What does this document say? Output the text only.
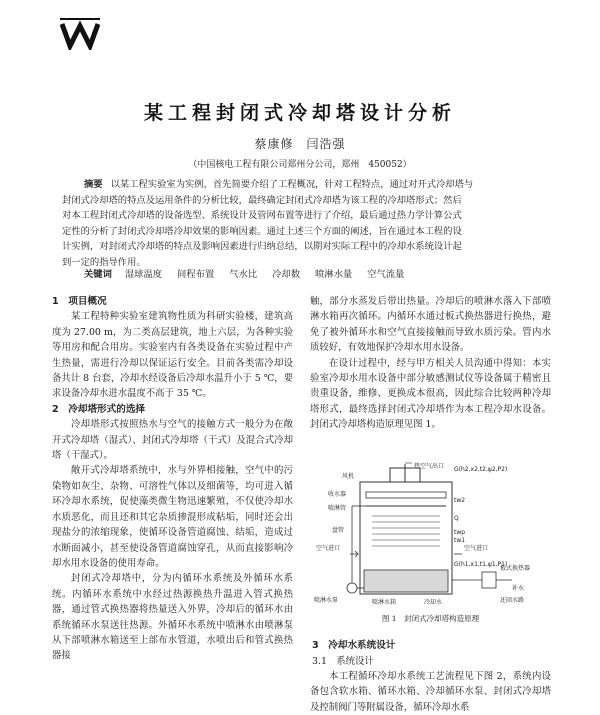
某工程封闭式冷却塔设计分析
蔡康修　闫浩强
（中国核电工程有限公司郑州分公司，郑州　450052）
摘要 以某工程实验室为实例，首先简要介绍了工程概况，针对工程特点，通过对开式冷却塔与
封闭式冷却塔的特点及运用条件的分析比较，最终确定封闭式冷却塔为该工程的冷却塔形式；然后
对本工程封闭式冷却塔的设备选型、系统设计及管网布置等进行了介绍，最后通过热力学计算公式
定性的分析了封闭式冷却塔冷却效果的影响因素。通过上述三个方面的阐述，旨在通过本工程的设
计实例，对封闭式冷却塔的特点及影响因素进行归纳总结，以期对实际工程中的冷却水系统设计起
到一定的指导作用。
关键词 湿球温度 间程布置 气水比 冷却数 喷淋水量 空气流量
1　项目概况

某工程特种实验室建筑物性质为科研实验楼，建筑高度为 27.00 m，为二类高层建筑，地上六层，为各种实验等用房和配合用房。实验室内有各类设备在实验过程中产生热量，需进行冷却以保证运行安全。目前各类需冷却设备共计 8 台套，冷却水经设备后冷却水温升小于 5 ℃，要求设备冷却水进水温度不高于 35 ℃。

2　冷却塔形式的选择

冷却塔形式按照热水与空气的接触方式一般分为在敞开式冷却塔（湿式）、封闭式冷却塔（干式）及混合式冷却塔（干湿式）。

敞开式冷却塔系统中，水与外界相接触，空气中的污染物如灰尘、杂物、可溶性气体以及细菌等，均可进入循环冷却水系统，促使藻类微生物迅速繁殖，不仅使冷却水水质恶化，而且还和其它杂质掺混形成粘垢，同时还会出现盐分的浓缩现象，使循环设备管道腐蚀、结垢，造成过水断面减小，甚至使设备管道腐蚀穿孔，从而直接影响冷却水用水设备的使用寿命。

封闭式冷却塔中，分为内循环水系统及外循环水系统。内循环水系统中水经过热源换热升温进入管式换热器，通过管式换热器将热量送入外界，冷却后的循环水由系统循环水泵送往热源。外循环水系统中喷淋水由喷淋泵从下部喷淋水箱送至上部布水管道，水喷出后和管式换热器接

触，部分水蒸发后带出热量。冷却后的喷淋水落入下部喷淋水箱再次循环。内循环水通过板式换热器进行换热，避免了被外循环水和空气直接接触而导致水质污染。管内水质较好，有效地保护冷却水用水设备。

在设计过程中，经与甲方相关人员沟通中得知：本实验室冷却水用水设备中部分敏感测试仪等设备属于精密且贵重设备，维修、更换成本很高，因此综合比较两种冷却塔形式，最终选择封闭式冷却塔作为本工程冷却水设备。封闭式冷却塔构造原理见图 1。

热空气出口 G(h2,x2,t2,ψ2,P2)
风机
收水器
喷淋管
tw2
盘管
Q
twp
空气进口	空气进口
G(h1,x1,t1,ψ1,P1)
tw1
喷淋水泵	喷淋水箱	冷却水
板式换热器
补水
还回水路
图 1　封闭式冷却塔构造原理
3　冷却水系统设计
3.1　系统设计
本工程循环冷却水系统工艺流程见下图 2，系统内设备包含软水箱、循环水箱、冷却循环水泵、封闭式冷却塔及控制阀门等附属设备，循环冷却水系
